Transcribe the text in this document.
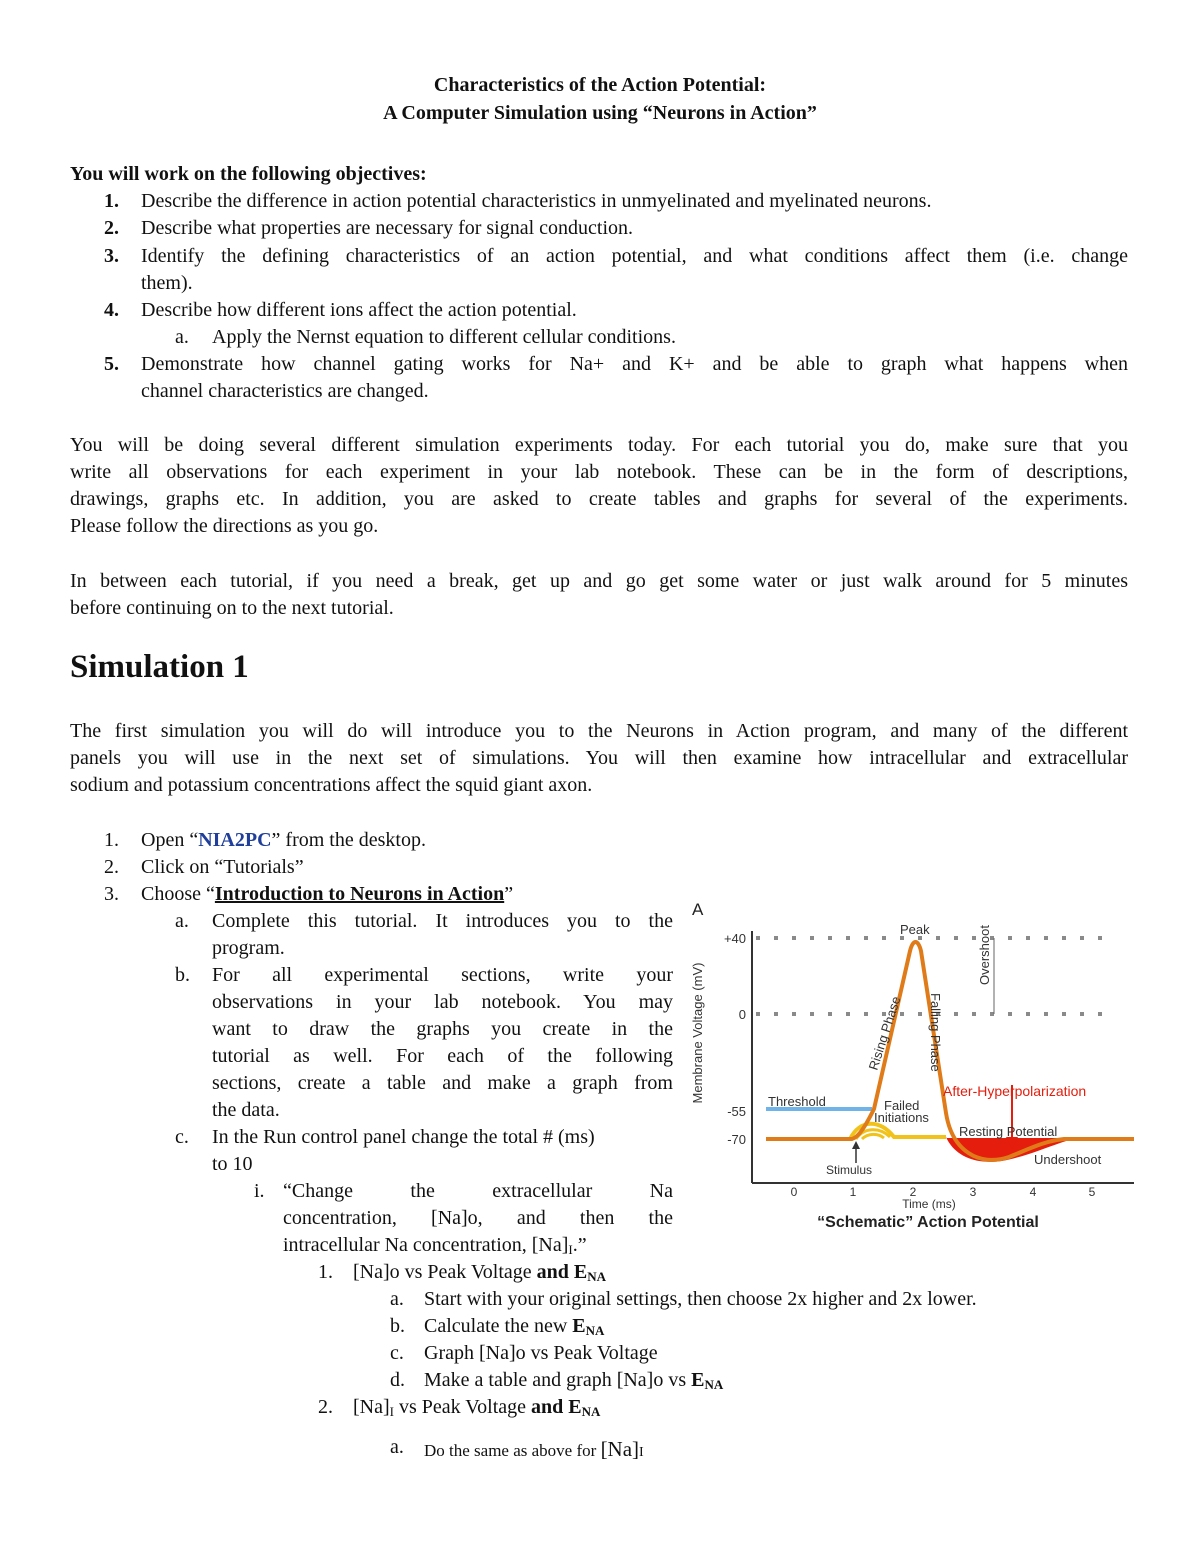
Characteristics of the Action Potential:
A Computer Simulation using “Neurons in Action”
You will work on the following objectives:
1. Describe the difference in action potential characteristics in unmyelinated and myelinated neurons.
2. Describe what properties are necessary for signal conduction.
3. Identify the defining characteristics of an action potential, and what conditions affect them (i.e. change
them).
4. Describe how different ions affect the action potential.
a. Apply the Nernst equation to different cellular conditions.
5. Demonstrate how channel gating works for Na+ and K+ and be able to graph what happens when
channel characteristics are changed.
You will be doing several different simulation experiments today. For each tutorial you do, make sure that you
write all observations for each experiment in your lab notebook. These can be in the form of descriptions,
drawings, graphs etc. In addition, you are asked to create tables and graphs for several of the experiments.
Please follow the directions as you go.
In between each tutorial, if you need a break, get up and go get some water or just walk around for 5 minutes
before continuing on to the next tutorial.
Simulation 1
The first simulation you will do will introduce you to the Neurons in Action program, and many of the different
panels you will use in the next set of simulations. You will then examine how intracellular and extracellular
sodium and potassium concentrations affect the squid giant axon.
1. Open “NIA2PC” from the desktop.
2. Click on “Tutorials”
3. Choose “Introduction to Neurons in Action”
a. Complete this tutorial. It introduces you to the
program.
b. For all experimental sections, write your
observations in your lab notebook. You may
want to draw the graphs you create in the
tutorial as well. For each of the following
sections, create a table and make a graph from
the data.
c. In the Run control panel change the total # (ms)
to 10
i. “Change the extracellular Na
concentration, [Na]o, and then the
intracellular Na concentration, $[Na]_I$.”
1. [Na]o vs Peak Voltage and $E_{NA}$
a. Start with your original settings, then choose 2x higher and 2x lower.
b. Calculate the new $E_{NA}$
c. Graph [Na]o vs Peak Voltage
d. Make a table and graph [Na]o vs $E_{NA}$
2. $[Na]_I$ vs Peak Voltage and $E_{NA}$
a. Do the same as above for [Na]I
A
Membrane Voltage (mV)
+40
0
-55
-70
Threshold
Peak
Rising Phase Falling Phase
Overshoot
After-Hyperpolarization
Failed
Initiations
Resting Potential
Undershoot
Stimulus
0	1	2	3	4	5
Time (ms)
“Schematic” Action Potential
